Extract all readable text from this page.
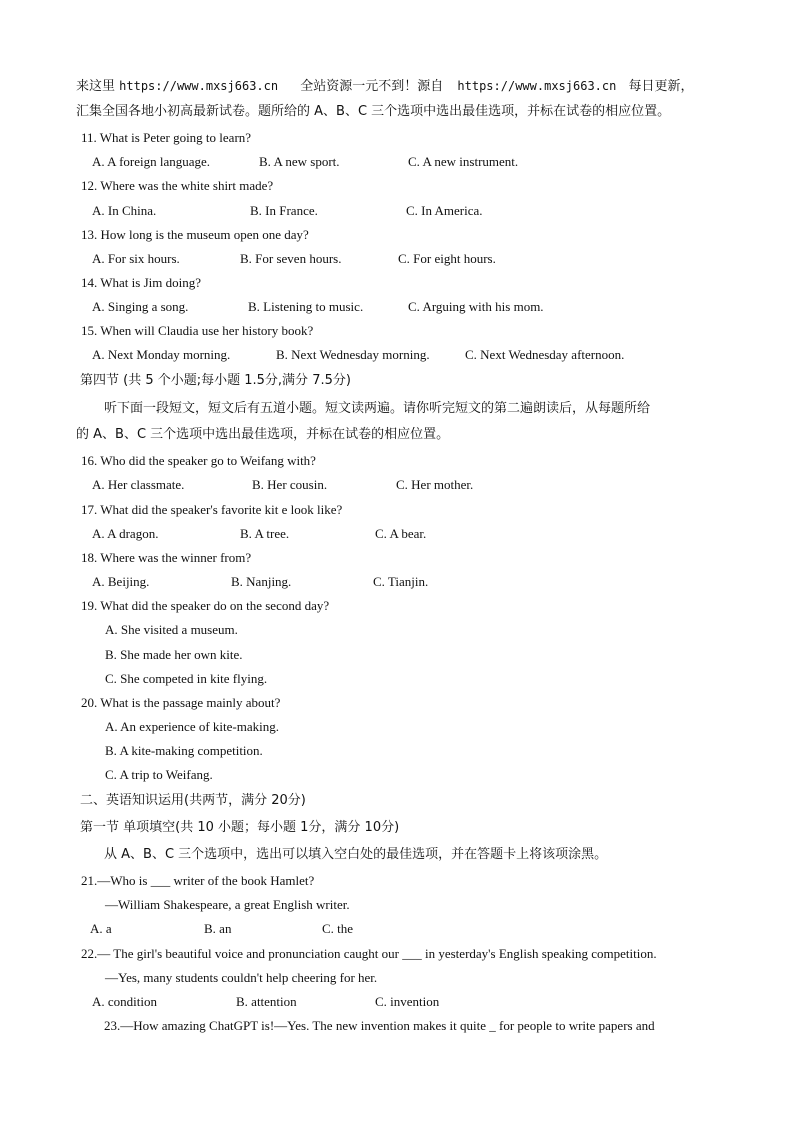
来这里 https://www.mxsj663.cn 全站资源一元不到！源自 https://www.mxsj663.cn 每日更新，
汇集全国各地小初高最新试卷。题所给的 A、B、C 三个选项中选出最佳选项，并标在试卷的相应位置。
11. What is Peter going to learn?
A. A foreign language.	B. A new sport.	C. A new instrument.
12. Where was the white shirt made?
A. In China.	B. In France.	C. In America.
13. How long is the museum open one day?
A. For six hours.	B. For seven hours.	C. For eight hours.
14. What is Jim doing?
A. Singing a song.	B. Listening to music.	C. Arguing with his mom.
15. When will Claudia use her history book?
A. Next Monday morning.	B. Next Wednesday morning.	C. Next Wednesday afternoon.
第四节 (共 5 个小题;每小题 1.5分,满分 7.5分)
听下面一段短文，短文后有五道小题。短文读两遍。请你听完短文的第二遍朗读后，从每题所给
的 A、B、C 三个选项中选出最佳选项，并标在试卷的相应位置。
16. Who did the speaker go to Weifang with?
A. Her classmate.	B. Her cousin.	C. Her mother.
17. What did the speaker's favorite kit e look like?
A. A dragon.	B. A tree.	C. A bear.
18. Where was the winner from?
A. Beijing.	B. Nanjing.	C. Tianjin.
19. What did the speaker do on the second day?
A. She visited a museum.
B. She made her own kite.
C. She competed in kite flying.
20. What is the passage mainly about?
A. An experience of kite-making.
B. A kite-making competition.
C. A trip to Weifang.
二、英语知识运用(共两节，满分 20分)
第一节 单项填空(共 10 小题；每小题 1分，满分 10分)
从 A、B、C 三个选项中，选出可以填入空白处的最佳选项，并在答题卡上将该项涂黑。
21.—Who is ___ writer of the book Hamlet?
—William Shakespeare, a great English writer.
A. a	B. an	C. the
22.— The girl's beautiful voice and pronunciation caught our ___ in yesterday's English speaking competition.
—Yes, many students couldn't help cheering for her.
A. condition	B. attention	C. invention
23.—How amazing ChatGPT is!—Yes. The new invention makes it quite _ for people to write papers and
